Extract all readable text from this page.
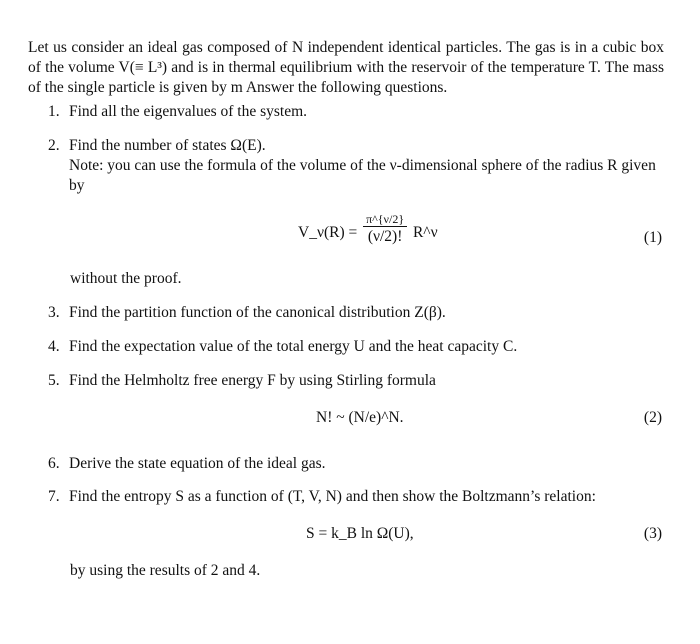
Let us consider an ideal gas composed of N independent identical particles. The gas is in a cubic box of the volume V(≡ L³) and is in thermal equilibrium with the reservoir of the temperature T. The mass of the single particle is given by m Answer the following questions.

1. Find all the eigenvalues of the system.
2. Find the number of states Ω(E).
Note: you can use the formula of the volume of the ν-dimensional sphere of the radius R given by
V_ν(R) = $\frac{\pi\^{}\{\nu/2\}}{(\nu/2)!}$ R^ν	(1)
without the proof.
3. Find the partition function of the canonical distribution Z(β).
4. Find the expectation value of the total energy U and the heat capacity C.
5. Find the Helmholtz free energy F by using Stirling formula
N! ~ (N/e)^N.	(2)
6. Derive the state equation of the ideal gas.
7. Find the entropy S as a function of (T, V, N) and then show the Boltzmann’s relation:
S = k_B ln Ω(U),	(3)
by using the results of 2 and 4.
